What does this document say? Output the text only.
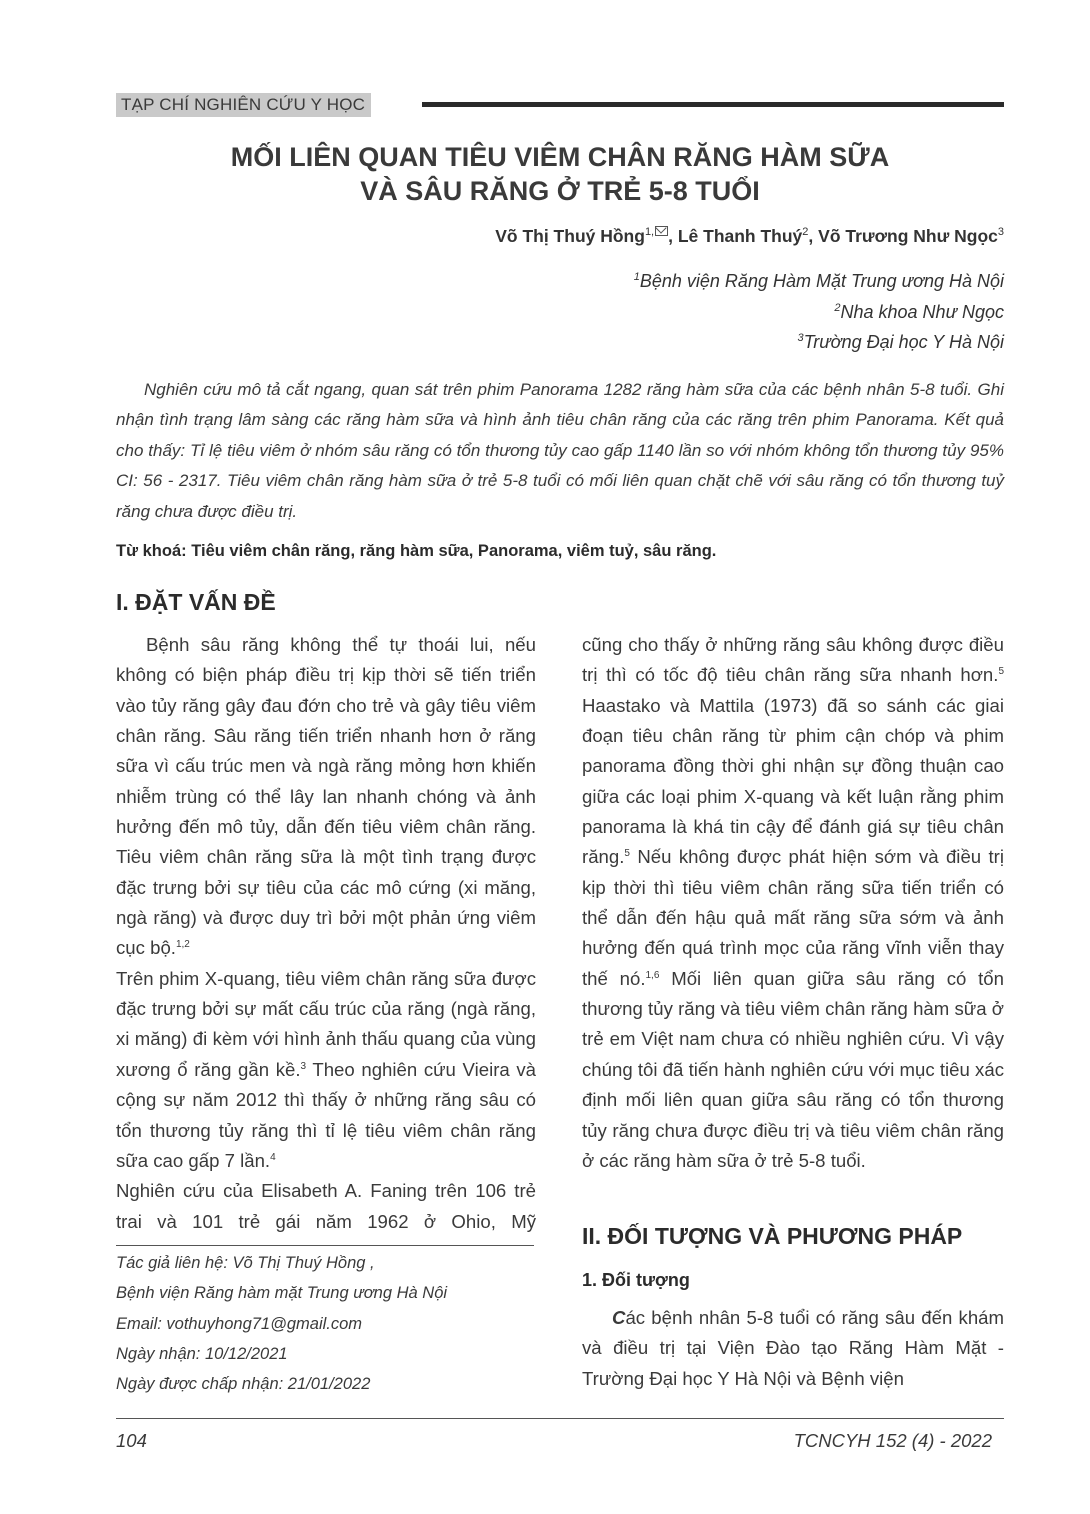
TẠP CHÍ NGHIÊN CỨU Y HỌC
MỐI LIÊN QUAN TIÊU VIÊM CHÂN RĂNG HÀM SỮA
VÀ SÂU RĂNG Ở TRẺ 5-8 TUỔI
Võ Thị Thuý Hồng$^{1,}$ , Lê Thanh Thuý$^2$, Võ Trương Như Ngọc$^3$
$^1$Bệnh viện Răng Hàm Mặt Trung ương Hà Nội
$^2$Nha khoa Như Ngọc
$^3$Trường Đại học Y Hà Nội
Nghiên cứu mô tả cắt ngang, quan sát trên phim Panorama 1282 răng hàm sữa của các bệnh nhân 5-8 tuổi. Ghi nhận tình trạng lâm sàng các răng hàm sữa và hình ảnh tiêu chân răng của các răng trên phim Panorama. Kết quả cho thấy: Tỉ lệ tiêu viêm ở nhóm sâu răng có tổn thương tủy cao gấp 1140 lần so với nhóm không tổn thương tủy 95% CI: 56 - 2317. Tiêu viêm chân răng hàm sữa ở trẻ 5-8 tuổi có mối liên quan chặt chẽ với sâu răng có tổn thương tuỷ răng chưa được điều trị.
Từ khoá: Tiêu viêm chân răng, răng hàm sữa, Panorama, viêm tuỷ, sâu răng.
I. ĐẶT VẤN ĐỀ

Bệnh sâu răng không thể tự thoái lui, nếu không có biện pháp điều trị kịp thời sẽ tiến triển vào tủy răng gây đau đớn cho trẻ và gây tiêu viêm chân răng. Sâu răng tiến triển nhanh hơn ở răng sữa vì cấu trúc men và ngà răng mỏng hơn khiến nhiễm trùng có thể lây lan nhanh chóng và ảnh hưởng đến mô tủy, dẫn đến tiêu viêm chân răng. Tiêu viêm chân răng sữa là một tình trạng được đặc trưng bởi sự tiêu của các mô cứng (xi măng, ngà răng) và được duy trì bởi một phản ứng viêm cục bộ.$^{1,2}$

Trên phim X-quang, tiêu viêm chân răng sữa được đặc trưng bởi sự mất cấu trúc của răng (ngà răng, xi măng) đi kèm với hình ảnh thấu quang của vùng xương ổ răng gần kề.$^3$ Theo nghiên cứu Vieira và cộng sự năm 2012 thì thấy ở những răng sâu có tổn thương tủy răng thì tỉ lệ tiêu viêm chân răng sữa cao gấp 7 lần.$^4$

Nghiên cứu của Elisabeth A. Faning trên 106 trẻ trai và 101 trẻ gái năm 1962 ở Ohio, Mỹ

cũng cho thấy ở những răng sâu không được điều trị thì có tốc độ tiêu chân răng sữa nhanh hơn.$^5$ Haastako và Mattila (1973) đã so sánh các giai đoạn tiêu chân răng từ phim cận chóp và phim panorama đồng thời ghi nhận sự đồng thuận cao giữa các loại phim X-quang và kết luận rằng phim panorama là khá tin cậy để đánh giá sự tiêu chân răng.$^5$ Nếu không được phát hiện sớm và điều trị kịp thời thì tiêu viêm chân răng sữa tiến triển có thể dẫn đến hậu quả mất răng sữa sớm và ảnh hưởng đến quá trình mọc của răng vĩnh viễn thay thế nó.$^{1,6}$ Mối liên quan giữa sâu răng có tổn thương tủy răng và tiêu viêm chân răng hàm sữa ở trẻ em Việt nam chưa có nhiều nghiên cứu. Vì vậy chúng tôi đã tiến hành nghiên cứu với mục tiêu xác định mối liên quan giữa sâu răng có tổn thương tủy răng chưa được điều trị và tiêu viêm chân răng ở các răng hàm sữa ở trẻ 5-8 tuổi.

II. ĐỐI TƯỢNG VÀ PHƯƠNG PHÁP
1. Đối tượng

Các bệnh nhân 5-8 tuổi có răng sâu đến khám và điều trị tại Viện Đào tạo Răng Hàm Mặt - Trường Đại học Y Hà Nội và Bệnh viện

Tác giả liên hệ: Võ Thị Thuý Hồng ,
Bệnh viện Răng hàm mặt Trung ương Hà Nội
Email: vothuyhong71@gmail.com
Ngày nhận: 10/12/2021
Ngày được chấp nhận: 21/01/2022
104	TCNCYH 152 (4) - 2022
